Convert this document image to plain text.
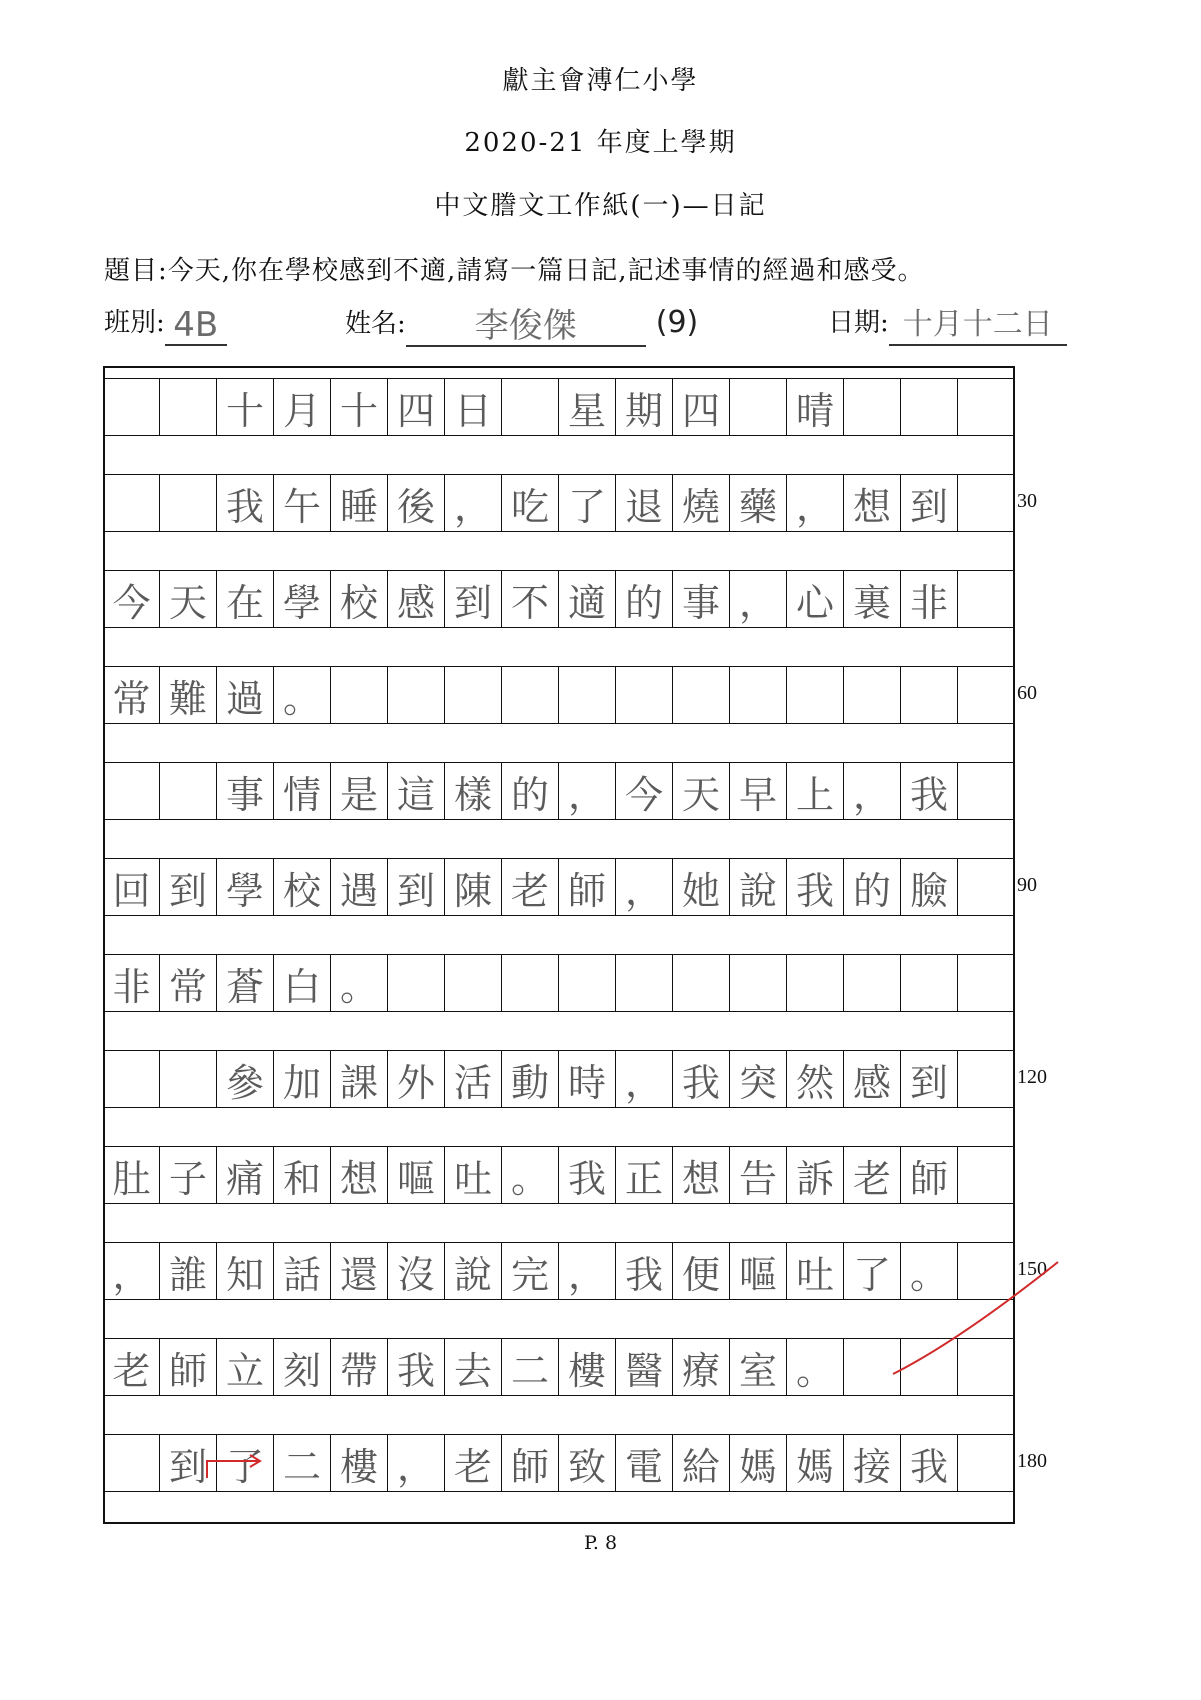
獻主會溥仁小學
2020-21 年度上學期
中文謄文工作紙(一)—日記
題目:今天,你在學校感到不適,請寫一篇日記,記述事情的經過和感受。
班別: 4B	姓名: 李俊傑	(9)	日期: 十月十二日
十 月 十 四 日 星 期 四 晴
我 午 睡 後 ， 吃 了 退 燒 藥 ， 想 到
今 天 在 學 校 感 到 不 適 的 事 ， 心 裏 非
常 難 過 。
事 情 是 這 樣 的 ， 今 天 早 上 ， 我
回 到 學 校 遇 到 陳 老 師 ， 她 說 我 的 臉
非 常 蒼 白 。
參 加 課 外 活 動 時 ， 我 突 然 感 到
肚 子 痛 和 想 嘔 吐 。 我 正 想 告 訴 老 師
， 誰 知 話 還 沒 說 完 ， 我 便 嘔 吐 了 。
老 師 立 刻 帶 我 去 二 樓 醫 療 室 。
到 了 二 樓 ， 老 師 致 電 給 媽 媽 接 我
30
60
90
120
150
180
P. 8
